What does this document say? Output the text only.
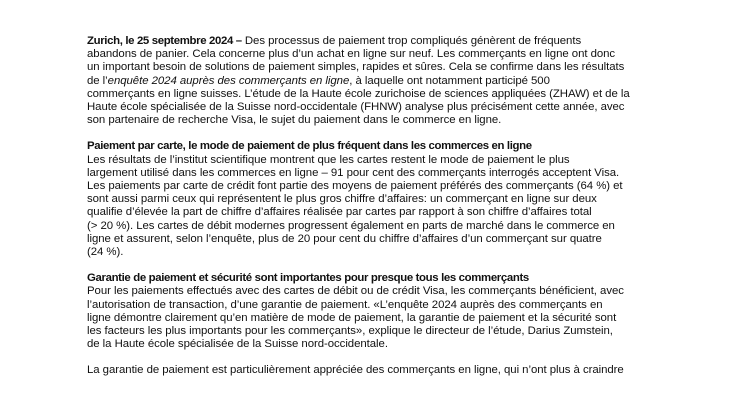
Zurich, le 25 septembre 2024 – Des processus de paiement trop compliqués génèrent de fréquents
abandons de panier. Cela concerne plus d’un achat en ligne sur neuf. Les commerçants en ligne ont donc
un important besoin de solutions de paiement simples, rapides et sûres. Cela se confirme dans les résultats
de l’enquête 2024 auprès des commerçants en ligne, à laquelle ont notamment participé 500
commerçants en ligne suisses. L’étude de la Haute école zurichoise de sciences appliquées (ZHAW) et de la
Haute école spécialisée de la Suisse nord-occidentale (FHNW) analyse plus précisément cette année, avec
son partenaire de recherche Visa, le sujet du paiement dans le commerce en ligne.

Paiement par carte, le mode de paiement de plus fréquent dans les commerces en ligne

Les résultats de l’institut scientifique montrent que les cartes restent le mode de paiement le plus
largement utilisé dans les commerces en ligne – 91 pour cent des commerçants interrogés acceptent Visa.
Les paiements par carte de crédit font partie des moyens de paiement préférés des commerçants (64 %) et
sont aussi parmi ceux qui représentent le plus gros chiffre d’affaires: un commerçant en ligne sur deux
qualifie d’élevée la part de chiffre d’affaires réalisée par cartes par rapport à son chiffre d’affaires total
(> 20 %). Les cartes de débit modernes progressent également en parts de marché dans le commerce en
ligne et assurent, selon l’enquête, plus de 20 pour cent du chiffre d’affaires d’un commerçant sur quatre
(24 %).

Garantie de paiement et sécurité sont importantes pour presque tous les commerçants

Pour les paiements effectués avec des cartes de débit ou de crédit Visa, les commerçants bénéficient, avec
l’autorisation de transaction, d’une garantie de paiement. «L’enquête 2024 auprès des commerçants en
ligne démontre clairement qu’en matière de mode de paiement, la garantie de paiement et la sécurité sont
les facteurs les plus importants pour les commerçants», explique le directeur de l’étude, Darius Zumstein,
de la Haute école spécialisée de la Suisse nord-occidentale.

La garantie de paiement est particulièrement appréciée des commerçants en ligne, qui n’ont plus à craindre
